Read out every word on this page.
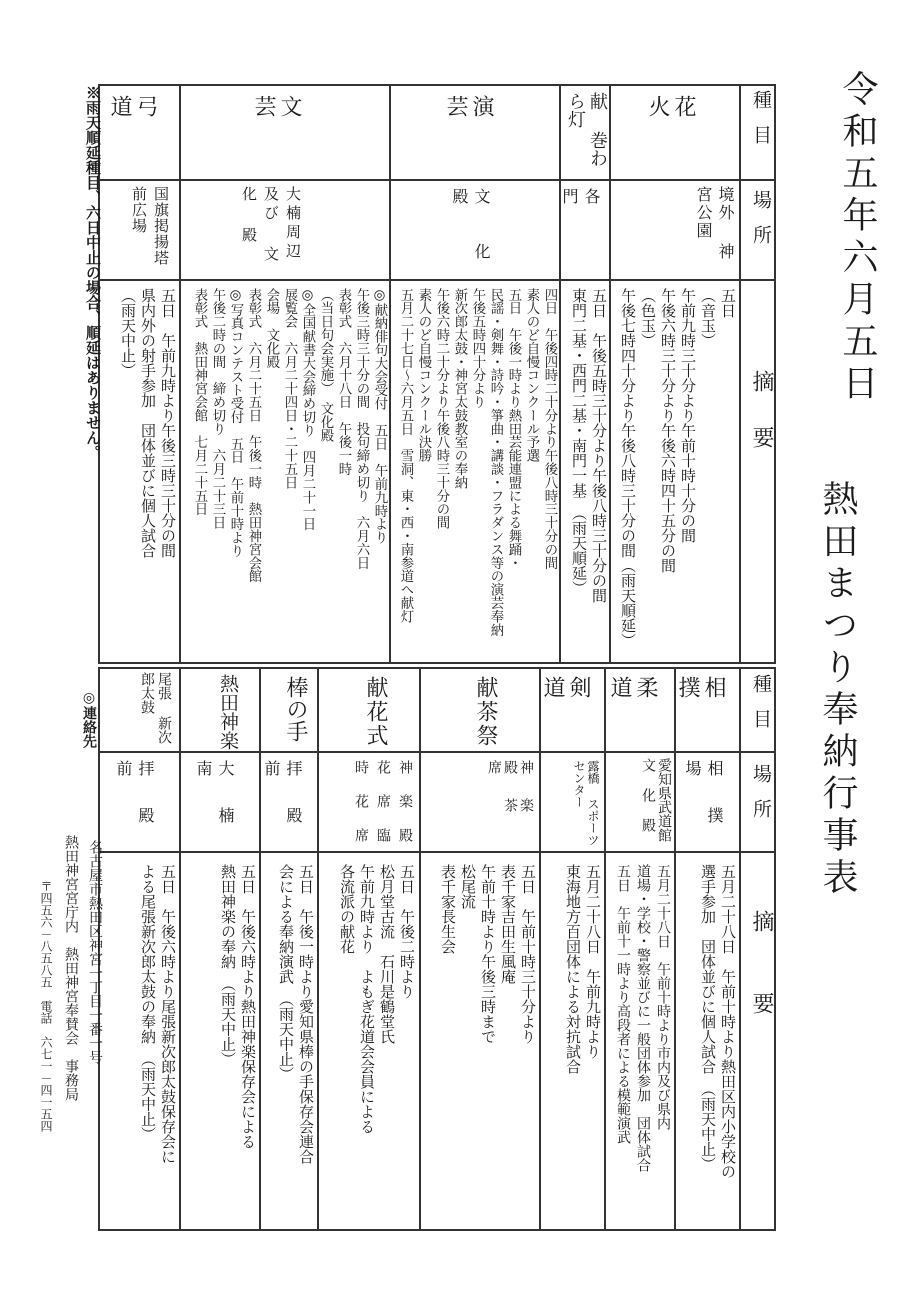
令和五年六月五日
熱田まつり奉納行事表
種目
場所
摘要
花火
境外 神宮公園
五日
（音玉）
午前九時三十分より午前十時十分の間
午後六時三十分より午後六時四十五分の間
（色玉）
午後七時四十分より午後八時三十分の間（雨天順延）
献 巻わら灯
各 門
五日　午後五時三十分より午後八時三十分の間
東門二基・西門二基・南門一基　（雨天順延）
演芸
文 化 殿
四日　午後四時二十分より午後八時三十分の間
素人のど自慢コンクール予選
五日　午後一時より熱田芸能連盟による舞踊・
民謡・剣舞・詩吟・箏曲・講談・フラダンス等の演芸奉納
午後五時四十分より
新次郎太鼓・神宮太鼓教室の奉納
午後六時二十分より午後八時三十分の間
素人のど自慢コンクール決勝
五月二十七日～六月五日　雪洞、東・西・南参道へ献灯
文芸
大楠周辺及び 文 化 殿
◎献納俳句大会受付　五日　午前九時より
午後三時三十分の間　投句締め切り　六月六日
表彰式　六月十八日　午後一時
（当日句会実施）　文化殿
◎全国献書大会締め切り　四月二十一日
展覧会　六月二十四日・二十五日
会場　文化殿
表彰式　六月二十五日　午後一時　熱田神宮会館
◎写真コンテスト受付　五日　午前十時より
午後二時の間　締め切り　六月二十三日
表彰式　熱田神宮会館　七月二十五日
弓道
国旗掲揚塔 前広場
五日　午前九時より午後三時三十分の間
県内外の射手参加　団体並びに個人試合
（雨天中止）
種目
場所
摘要
相撲
相 撲 場
五月二十八日　午前十時より熱田区内小学校の
選手参加　団体並びに個人試合　（雨天中止）
柔道
愛知県武道館 文 化 殿
五月二十八日　午前十時より市内及び県内
道場・学校・警察並びに一般団体参加　団体試合
五日　午前十一時より高段者による模範演武
剣道
露橋 スポーツセンター
五月二十八日　午前九時より
東海地方百団体による対抗試合
献茶祭
神 楽 殿 茶 席
五日　午前十時三十分より
表千家吉田生風庵
午前十時より午後三時まで
松尾流
表千家長生会
献花式
神 楽 殿 花 席 臨 時 花 席
五日　午後二時より
松月堂古流　石川是鶴堂氏
午前九時より　よもぎ花道会会員による
各流派の献花
棒の手
拝 殿 前
五日　午後一時より愛知県棒の手保存会連合
会による奉納演武　（雨天中止）
熱田神楽
大 楠 南
五日　午後六時より熱田神楽保存会による
熱田神楽の奉納　（雨天中止）
尾張 新次郎太鼓
拝 殿 前
五日　午後六時より尾張新次郎太鼓保存会に
よる尾張新次郎太鼓の奉納　（雨天中止）
※雨天順延種目、六日中止の場合、順延はありません。
◎連絡先
名古屋市熱田区神宮一丁目一番一号
熱田神宮宮庁内　熱田神宮奉賛会　事務局
〒四五六－八五八五　電話　六七一－四一五四
